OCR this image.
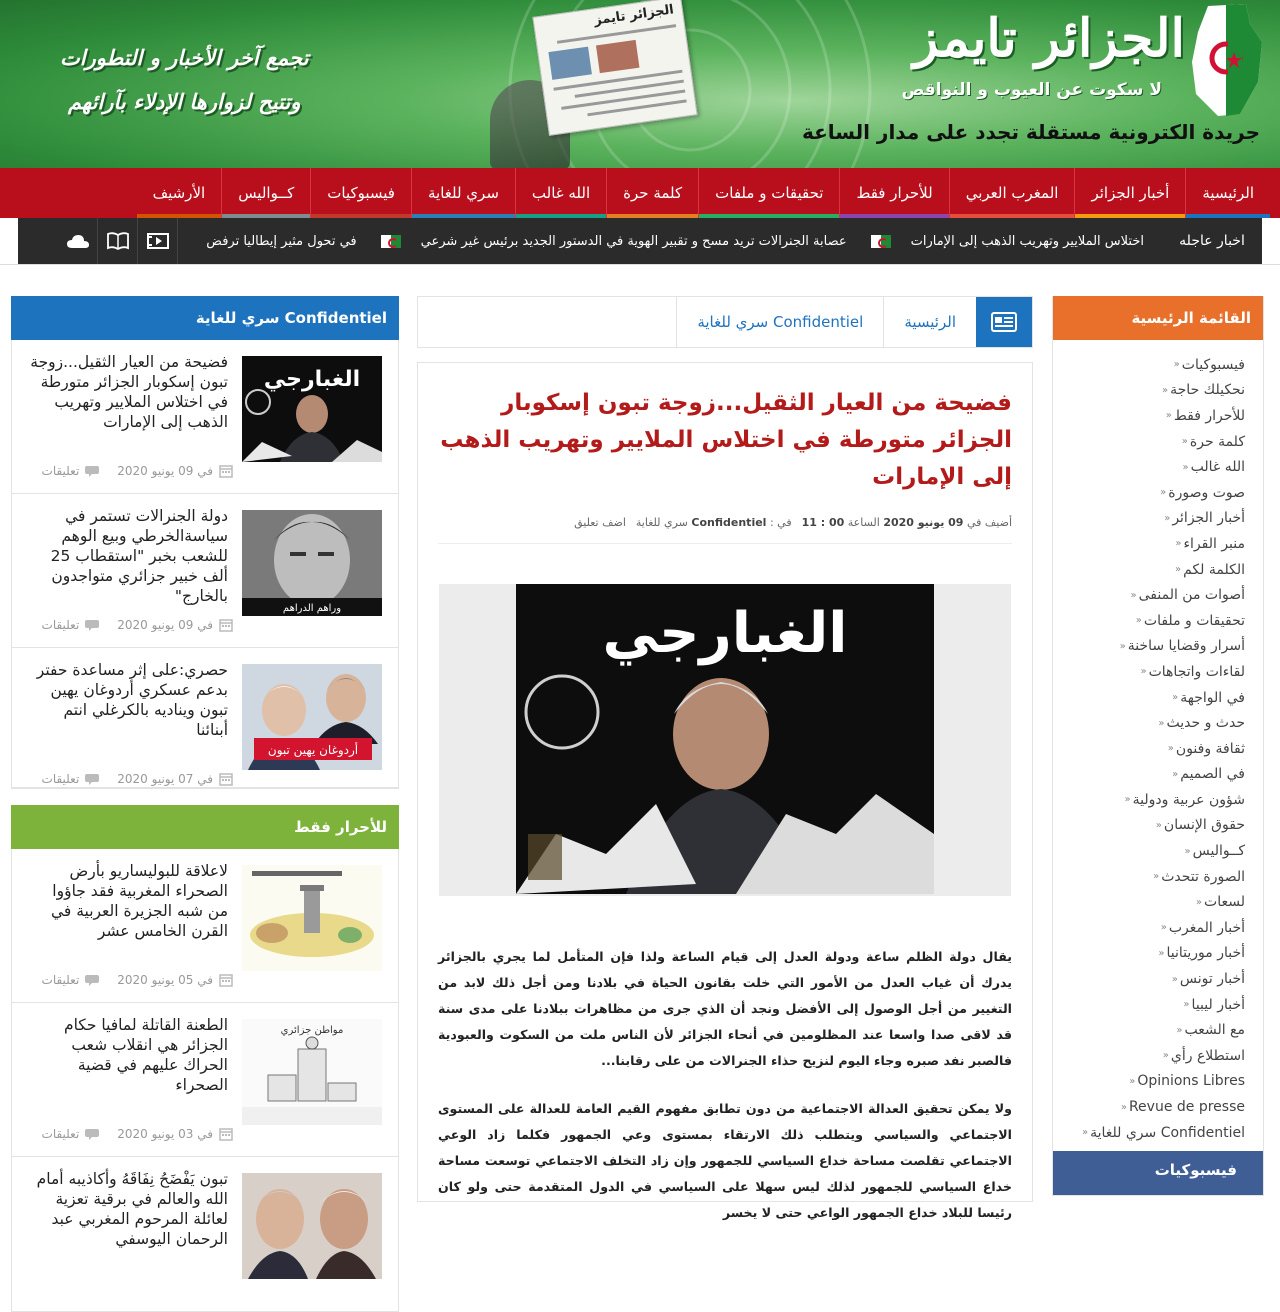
الجزائر تايمز
تجمع آخر الأخبار و التطورات
وتتيح لزوارها الإدلاء بآرائهم
الجزائر تايمز
لا سكوت عن العيوب و النواقص
جريدة الكترونية مستقلة تجدد على مدار الساعة
الرئيسية
أخبار الجزائر
المغرب العربي
للأحرار فقط
تحقيقات و ملفات
كلمة حرة
الله غالب
سري للغاية
فيسبوكيات
كــواليس
الأرشيف
اخبار عاجله
اختلاس الملايير وتهريب الذهب إلى الإمارات
عصابة الجنرالات تريد مسح و تقبير الهوية في الدستور الجديد برئيس غير شرعي
في تحول مثير إيطاليا ترفض
القائمة الرئيسية
فيسبوكيات «
نحكيلك حاجة «
للأحرار فقط «
كلمة حرة «
الله غالب «
صوت وصورة «
أخبار الجزائر «
منبر القراء «
الكلمة لكم «
أصوات من المنفى «
تحقيقات و ملفات «
أسرار وقضايا ساخنة «
لقاءات واتجاهات «
في الواجهة «
حدث و حديث «
ثقافة وفنون «
في الصميم «
شؤون عربية ودولية «
حقوق الإنسان «
كــواليس «
الصورة تتحدث «
لسعات «
أخبار المغرب «
أخبار موريتانيا «
أخبار تونس «
أخبار ليبيا «
مع الشعب «
استطلاع رأي «
Opinions Libres «
Revue de presse «
Confidentiel سري للغاية «
فيسبوكيات
الرئيسية
Confidentiel سري للغاية
فضيحة من العيار الثقيل...زوجة تبون إسكوبار الجزائر متورطة في اختلاس الملايير وتهريب الذهب إلى الإمارات
أضيف في 09 يونيو 2020 الساعة 00 : 11
في : Confidentiel سري للغاية
اضف تعليق
الغبارجي

يقال دولة الظلم ساعة ودولة العدل إلى قيام الساعة ولذا فإن المتأمل لما يجري بالجزائر يدرك أن غياب العدل من الأمور التي خلت بقانون الحياة في بلادنا ومن أجل ذلك لابد من التغيير من أجل الوصول إلى الأفضل ونجد أن الذي جرى من مظاهرات ببلادنا على مدى سنة قد لاقى صدا واسعا عند المظلومين في أنحاء الجزائر لأن الناس ملت من السكوت والعبودية فالصبر نفد صبره وجاء اليوم لنزيح حذاء الجنرالات من على رقابنا...

ولا يمكن تحقيق العدالة الاجتماعية من دون تطابق مفهوم القيم العامة للعدالة على المستوى الاجتماعي والسياسي ويتطلب ذلك الارتقاء بمستوى وعي الجمهور فكلما زاد الوعي الاجتماعي تقلصت مساحة خداع السياسي للجمهور وإن زاد التخلف الاجتماعي توسعت مساحة خداع السياسي للجمهور لذلك ليس سهلا على السياسي في الدول المتقدمة حتى ولو كان رئيسا للبلاد خداع الجمهور الواعي حتى لا يخسر

Confidentiel سري للغاية
الغبارجي
فضيحة من العيار الثقيل...زوجة تبون إسكوبار الجزائر متورطة في اختلاس الملايير وتهريب الذهب إلى الإمارات
في 09 يونيو 2020
تعليقات
وراهم الدراهم
دولة الجنرالات تستمر في سياسةالخرطي وبيع الوهم للشعب بخبر "استقطاب 25 ألف خبير جزائري متواجدون بالخارج"
في 09 يونيو 2020
تعليقات
أردوغان يهين تبون
حصري:على إثر مساعدة حفتر بدعم عسكري أردوغان يهين تبون ويناديه بالكرغلي انتم أبنائنا
في 07 يونيو 2020
تعليقات
للأحرار فقط
لاعلاقة للبوليساريو بأرض الصحراء المغربية فقد جاؤوا من شبه الجزيرة العربية في القرن الخامس عشر
في 05 يونيو 2020
تعليقات
مواطن جزائري
الطعنة القاتلة لمافيا حكام الجزائر هي انقلاب شعب الحراك عليهم في قضية الصحراء
في 03 يونيو 2020
تعليقات
تبون يَفْضَحُ نِفَاقَهُ وأكاذيبه أمام الله والعالم في برقية تعزية لعائلة المرحوم المغربي عبد الرحمان اليوسفي
